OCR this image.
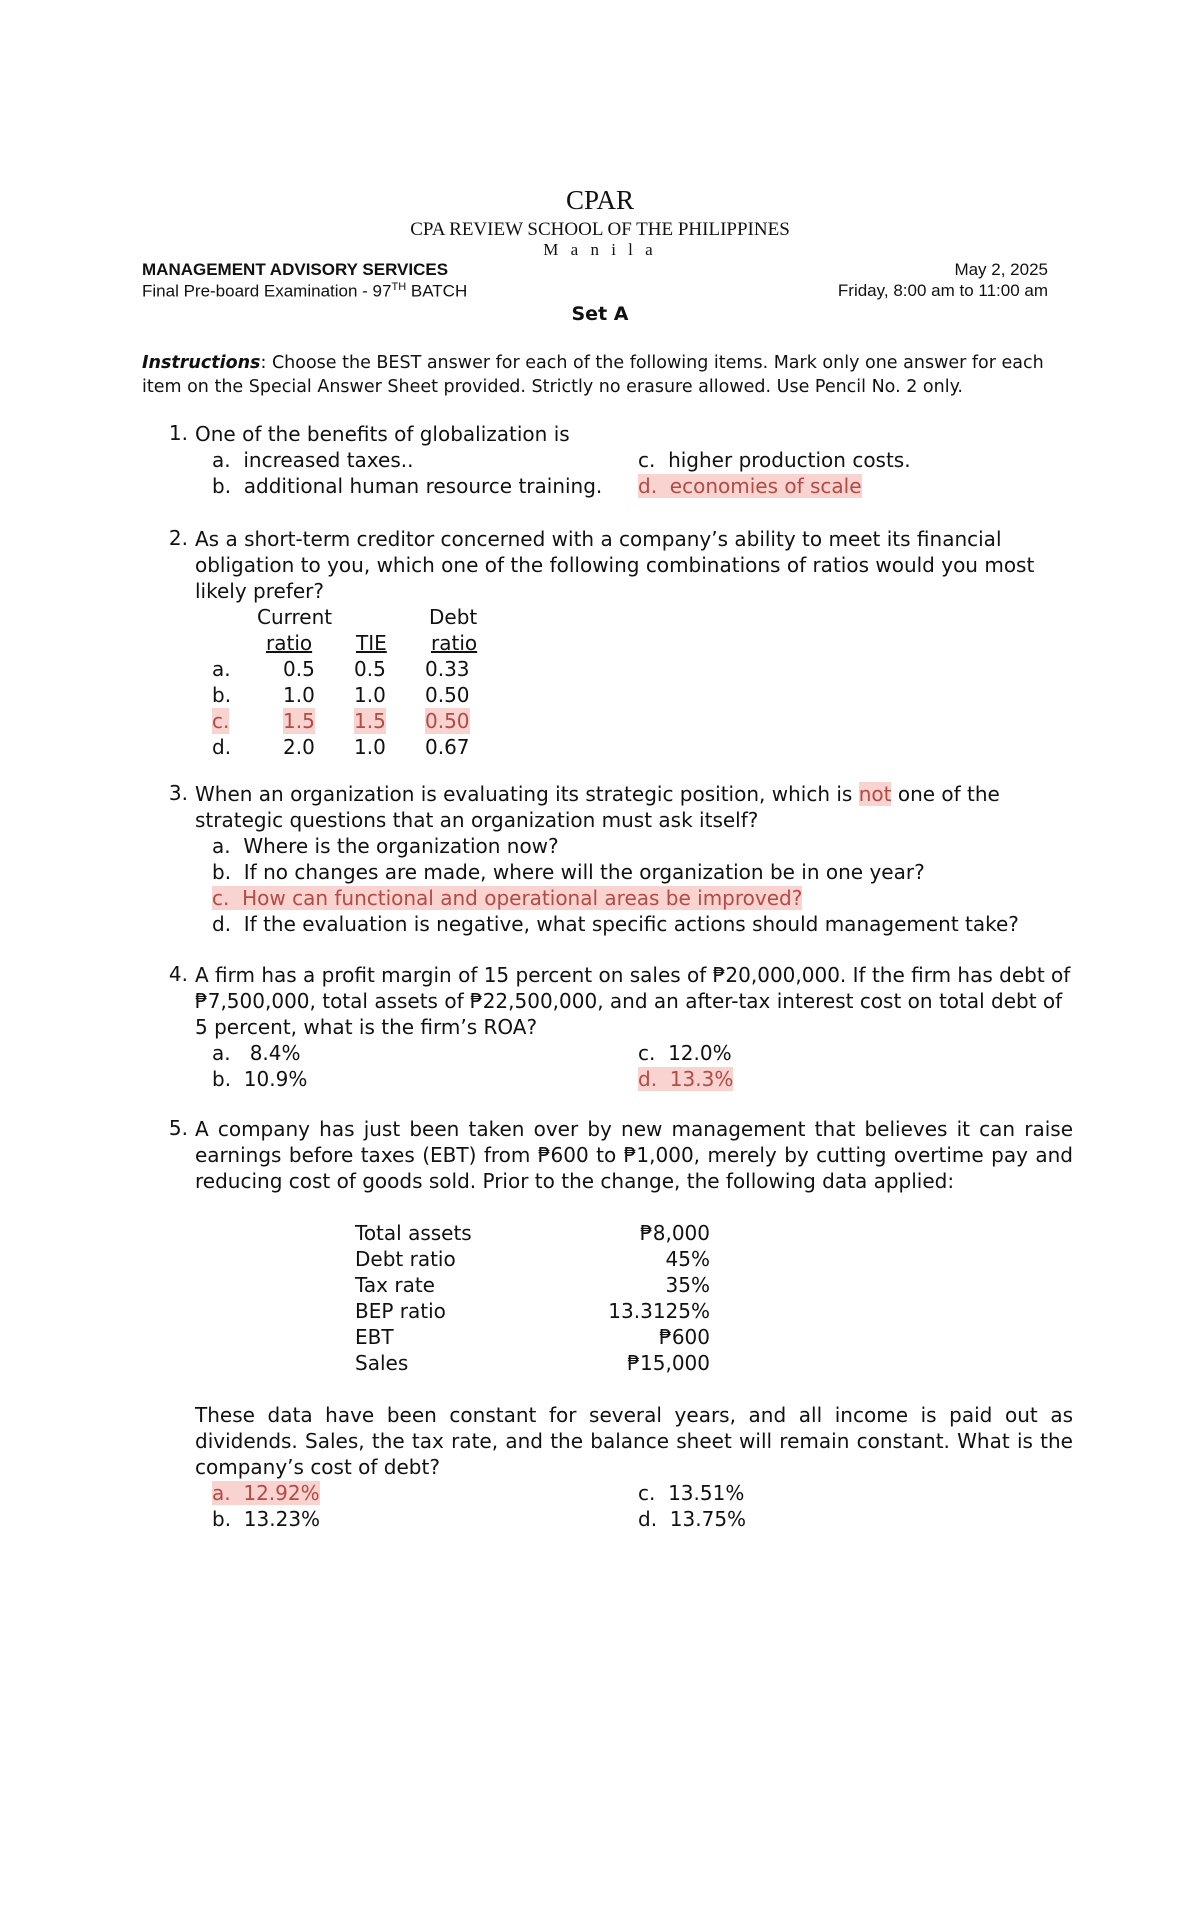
CPAR
CPA REVIEW SCHOOL OF THE PHILIPPINES
M a n i l a
MANAGEMENT ADVISORY SERVICES
Final Pre-board Examination - 97TH BATCH
May 2, 2025
Friday, 8:00 am to 11:00 am
Set A
Instructions: Choose the BEST answer for each of the following items. Mark only one answer for each item on the Special Answer Sheet provided. Strictly no erasure allowed. Use Pencil No. 2 only.
1. One of the benefits of globalization is
a. increased taxes..
b. additional human resource training.
c. higher production costs.
d. economies of scale
2. As a short-term creditor concerned with a company’s ability to meet its financial obligation to you, which one of the following combinations of ratios would you most likely prefer?
Current
ratio TIE
Debt
ratio
a.	0.5 0.5 0.33
b.	1.0 1.0 0.50
c.	1.5 1.5 0.50
d.	2.0 1.0 0.67
3. When an organization is evaluating its strategic position, which is not one of the strategic questions that an organization must ask itself?
a. Where is the organization now?
b. If no changes are made, where will the organization be in one year?
c. How can functional and operational areas be improved?
d. If the evaluation is negative, what specific actions should management take?
4. A firm has a profit margin of 15 percent on sales of ₱20,000,000. If the firm has debt of ₱7,500,000, total assets of ₱22,500,000, and an after-tax interest cost on total debt of 5 percent, what is the firm’s ROA?
a. 8.4%
b. 10.9%
c. 12.0%
d. 13.3%
5. A company has just been taken over by new management that believes it can raise earnings before taxes (EBT) from ₱600 to ₱1,000, merely by cutting overtime pay and reducing cost of goods sold. Prior to the change, the following data applied:
Total assets	₱8,000
Debt ratio	45%
Tax rate	35%
BEP ratio	13.3125%
EBT	₱600
Sales	₱15,000
These data have been constant for several years, and all income is paid out as dividends. Sales, the tax rate, and the balance sheet will remain constant. What is the company’s cost of debt?
a. 12.92%
b. 13.23%
c. 13.51%
d. 13.75%
